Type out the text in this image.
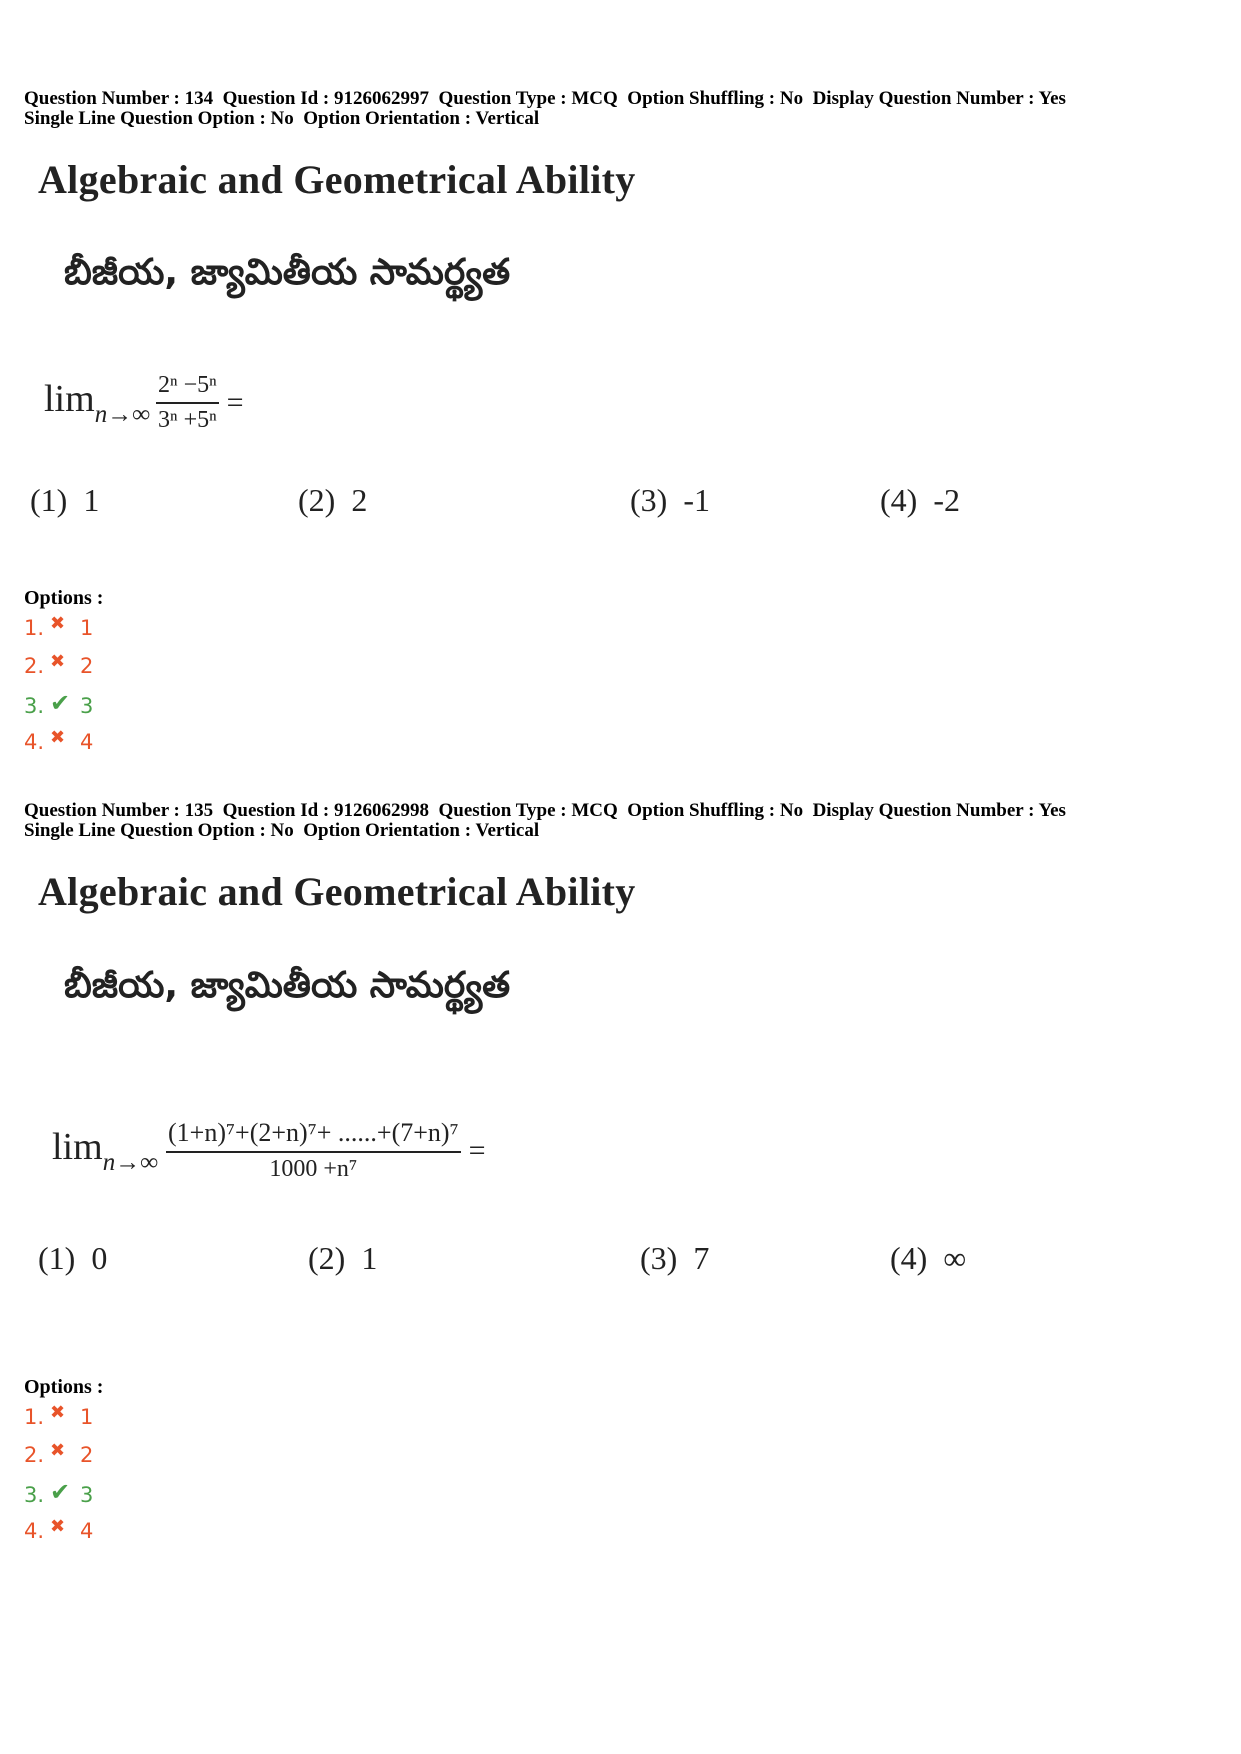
Question Number : 134  Question Id : 9126062997  Question Type : MCQ  Option Shuffling : No  Display Question Number : Yes
Single Line Question Option : No  Option Orientation : Vertical
Algebraic and Geometrical Ability
బీజీయ, జ్యామితీయ సామర్థ్యత
$\lim_{n\to\infty} \frac{\text{2ⁿ −5ⁿ}}{\text{3ⁿ +5ⁿ}}$ =
(1)  1	(2)  2	(3)  -1	(4)  -2
Options :
1. ✖ 1
2. ✖ 2
3. ✔ 3
4. ✖ 4
Question Number : 135  Question Id : 9126062998  Question Type : MCQ  Option Shuffling : No  Display Question Number : Yes
Single Line Question Option : No  Option Orientation : Vertical
Algebraic and Geometrical Ability
బీజీయ, జ్యామితీయ సామర్థ్యత
$\lim_{n\to\infty} \frac{\text{(1+n)⁷+(2+n)⁷+ ......+(7+n)⁷}}{\text{1000 +n⁷}}$ =
(1)  0	(2)  1	(3)  7	(4)  ∞
Options :
1. ✖ 1
2. ✖ 2
3. ✔ 3
4. ✖ 4
